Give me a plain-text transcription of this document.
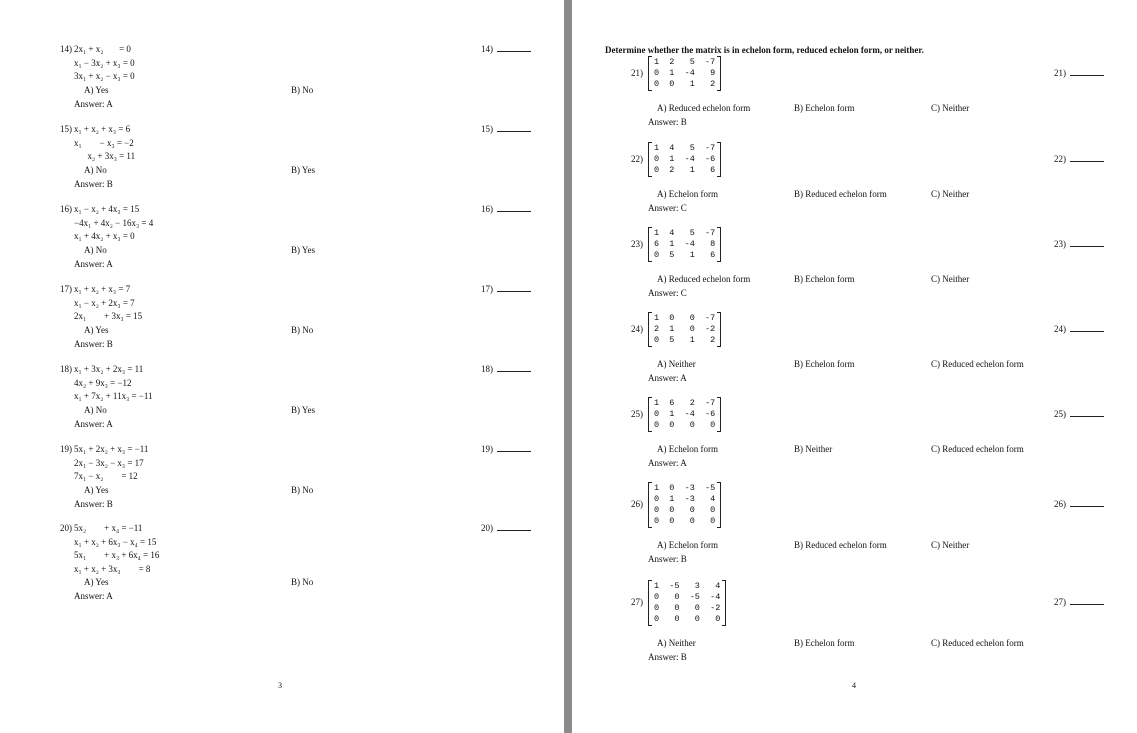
14) 2x₁ + x₂       = 0
x₁ − 3x₂ + x₃ = 0
3x₁ + x₂ − x₃ = 0
A) Yes	B) No
Answer: A
14)
15) x₁ + x₂ + x₃ = 6
x₁        − x₃ = −2
x₂ + 3x₃ = 11
A) No	B) Yes
Answer: B
15)
16) x₁ − x₂ + 4x₃ = 15
−4x₁ + 4x₂ − 16x₃ = 4
x₁ + 4x₂ + x₃ = 0
A) No	B) Yes
Answer: A
16)
17) x₁ + x₂ + x₃ = 7
x₁ − x₂ + 2x₃ = 7
2x₁        + 3x₃ = 15
A) Yes	B) No
Answer: B
17)
18) x₁ + 3x₂ + 2x₃ = 11
4x₂ + 9x₃ = −12
x₁ + 7x₂ + 11x₃ = −11
A) No	B) Yes
Answer: A
18)
19) 5x₁ + 2x₂ + x₃ = −11
2x₁ − 3x₂ − x₃ = 17
7x₁ − x₂        = 12
A) Yes	B) No
Answer: B
19)
20) 5x₂        + x₄ = −11
x₁ + x₂ + 6x₃ − x₄ = 15
5x₁        + x₃ + 6x₄ = 16
x₁ + x₂ + 3x₃        = 8
A) Yes	B) No
Answer: A
20)
3
Determine whether the matrix is in echelon form, reduced echelon form, or neither.
21)
1  2   5  -7
0  1  -4   9
0  0   1   2
A) Reduced echelon form	B) Echelon form	C) Neither
Answer: B
21)
22)
1  4   5  -7
0  1  -4  -6
0  2   1   6
A) Echelon form	B) Reduced echelon form	C) Neither
Answer: C
22)
23)
1  4   5  -7
6  1  -4   8
0  5   1   6
A) Reduced echelon form	B) Echelon form	C) Neither
Answer: C
23)
24)
1  0   0  -7
2  1   0  -2
0  5   1   2
A) Neither	B) Echelon form	C) Reduced echelon form
Answer: A
24)
25)
1  6   2  -7
0  1  -4  -6
0  0   0   0
A) Echelon form	B) Neither	C) Reduced echelon form
Answer: A
25)
26)
1  0  -3  -5
0  1  -3   4
0  0   0   0
0  0   0   0
A) Echelon form	B) Reduced echelon form	C) Neither
Answer: B
26)
27)
1  -5   3   4
0   0  -5  -4
0   0   0  -2
0   0   0   0
A) Neither	B) Echelon form	C) Reduced echelon form
Answer: B
27)
4
